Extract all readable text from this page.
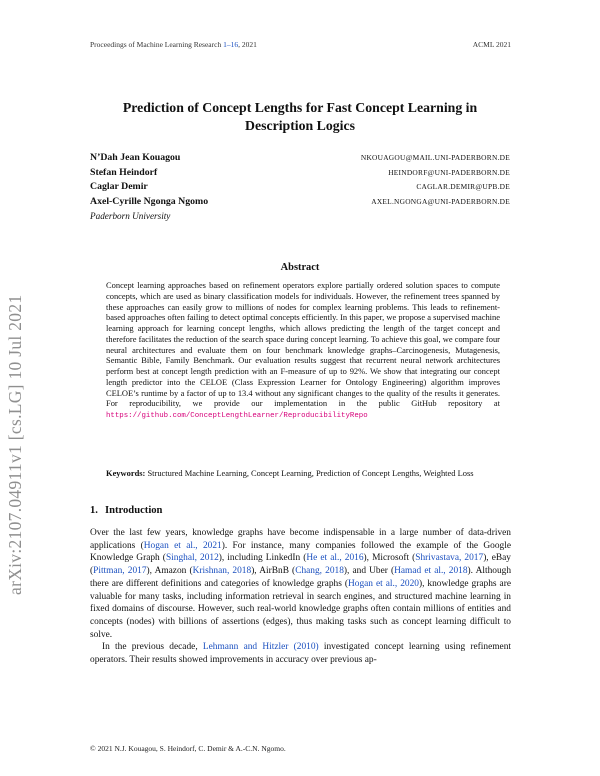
Proceedings of Machine Learning Research 1–16, 2021	ACML 2021
arXiv:2107.04911v1 [cs.LG] 10 Jul 2021
Prediction of Concept Lengths for Fast Concept Learning in Description Logics
N’Dah Jean Kouagou	NKOUAGOU@MAIL.UNI-PADERBORN.DE
Stefan Heindorf	HEINDORF@UNI-PADERBORN.DE
Caglar Demir	CAGLAR.DEMIR@UPB.DE
Axel-Cyrille Ngonga Ngomo	AXEL.NGONGA@UNI-PADERBORN.DE
Paderborn University
Abstract

Concept learning approaches based on refinement operators explore partially ordered solution spaces to compute concepts, which are used as binary classification models for individuals. However, the refinement trees spanned by these approaches can easily grow to millions of nodes for complex learning problems. This leads to refinement-based approaches often failing to detect optimal concepts efficiently. In this paper, we propose a supervised machine learning approach for learning concept lengths, which allows predicting the length of the target concept and therefore facilitates the reduction of the search space during concept learning. To achieve this goal, we compare four neural architectures and evaluate them on four benchmark knowledge graphs–Carcinogenesis, Mutagenesis, Semantic Bible, Family Benchmark. Our evaluation results suggest that recurrent neural network architectures perform best at concept length prediction with an F-measure of up to 92%. We show that integrating our concept length predictor into the CELOE (Class Expression Learner for Ontology Engineering) algorithm improves CELOE’s runtime by a factor of up to 13.4 without any significant changes to the quality of the results it generates. For reproducibility, we provide our implementation in the public GitHub repository at https://github.com/ConceptLengthLearner/ReproducibilityRepo

Keywords: Structured Machine Learning, Concept Learning, Prediction of Concept Lengths, Weighted Loss
1. Introduction

Over the last few years, knowledge graphs have become indispensable in a large number of data-driven applications (Hogan et al., 2021). For instance, many companies followed the example of the Google Knowledge Graph (Singhal, 2012), including LinkedIn (He et al., 2016), Microsoft (Shrivastava, 2017), eBay (Pittman, 2017), Amazon (Krishnan, 2018), AirBnB (Chang, 2018), and Uber (Hamad et al., 2018). Although there are different definitions and categories of knowledge graphs (Hogan et al., 2020), knowledge graphs are valuable for many tasks, including information retrieval in search engines, and structured machine learning in fixed domains of discourse. However, such real-world knowledge graphs often contain millions of entities and concepts (nodes) with billions of assertions (edges), thus making tasks such as concept learning difficult to solve.

In the previous decade, Lehmann and Hitzler (2010) investigated concept learning using refinement operators. Their results showed improvements in accuracy over previous ap-

© 2021 N.J. Kouagou, S. Heindorf, C. Demir & A.-C.N. Ngomo.
